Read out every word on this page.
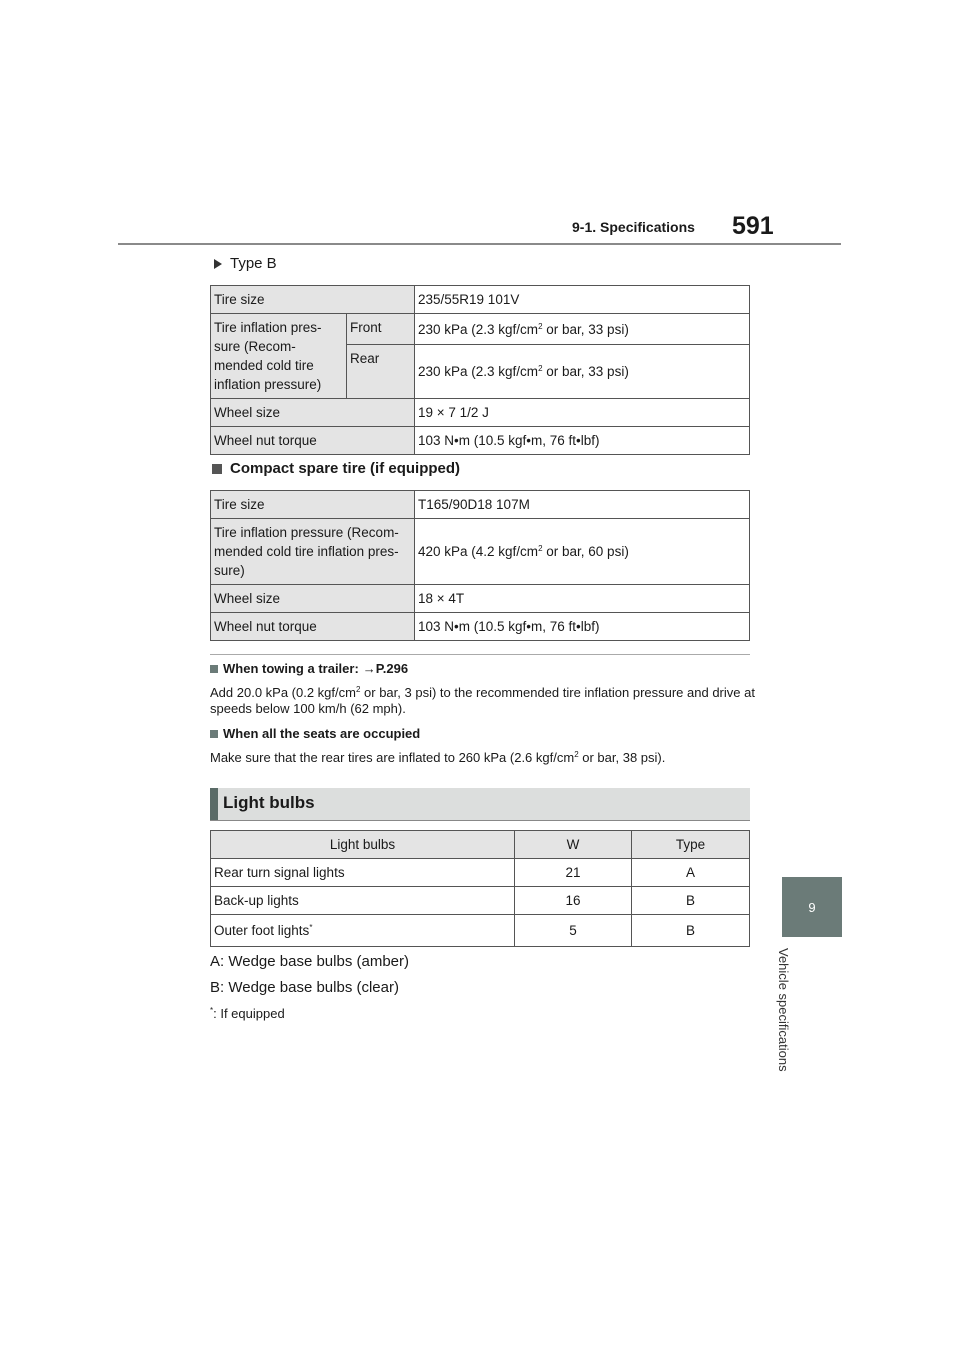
9-1. Specifications 591
9
Vehicle specifications
Type B
Tire size		235/55R19 101V
Tire inflation pres- sure (Recom- mended cold tire inflation pressure)	Front	230 kPa (2.3 kgf/$cm^2$ or bar, 33 psi)
	Rear	230 kPa (2.3 kgf/$cm^2$ or bar, 33 psi)
Wheel size		19 × 7 1/2 J
Wheel nut torque		103 N•m (10.5 kgf•m, 76 ft•lbf)
Compact spare tire (if equipped)
Tire size	T165/90D18 107M
Tire inflation pressure (Recom- mended cold tire inflation pres- sure)	420 kPa (4.2 kgf/$cm^2$ or bar, 60 psi)
Wheel size	18 × 4T
Wheel nut torque	103 N•m (10.5 kgf•m, 76 ft•lbf)
When towing a trailer: →P.296
Add 20.0 kPa (0.2 kgf/$cm^2$ or bar, 3 psi) to the recommended tire inflation pressure and drive at speeds below 100 km/h (62 mph).
When all the seats are occupied
Make sure that the rear tires are inflated to 260 kPa (2.6 kgf/$cm^2$ or bar, 38 psi).
Light bulbs
Light bulbs	W	Type
Rear turn signal lights	21	A
Back-up lights	16	B
Outer foot lights*	5	B
A: Wedge base bulbs (amber)
B: Wedge base bulbs (clear)
*: If equipped
